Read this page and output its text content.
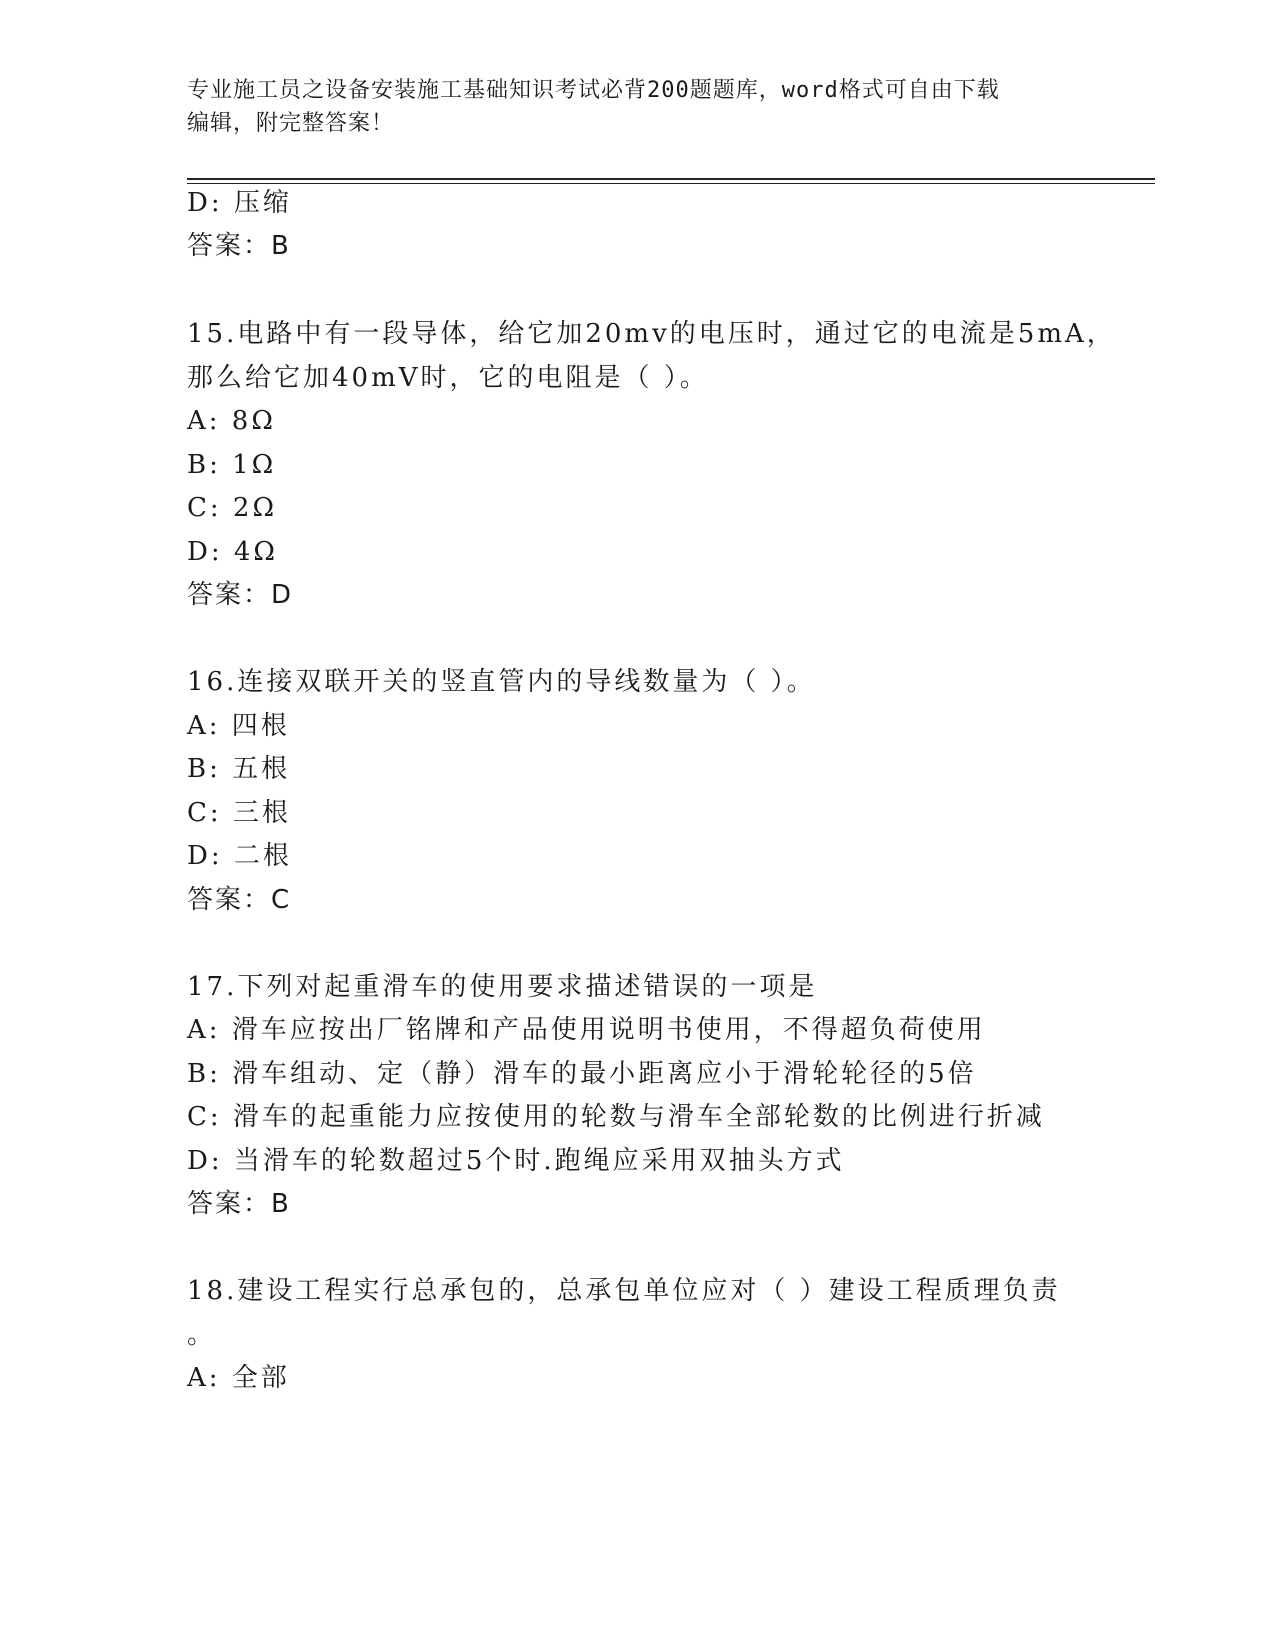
专业施工员之设备安装施工基础知识考试必背200题题库，word格式可自由下载
编辑，附完整答案！
D: 压缩
答案：B
15.电路中有一段导体，给它加20mv的电压时，通过它的电流是5mA，
那么给它加40mV时，它的电阻是（ ）。
A: 8Ω
B: 1Ω
C: 2Ω
D: 4Ω
答案：D
16.连接双联开关的竖直管内的导线数量为（ ）。
A: 四根
B: 五根
C: 三根
D: 二根
答案：C
17.下列对起重滑车的使用要求描述错误的一项是
A: 滑车应按出厂铭牌和产品使用说明书使用，不得超负荷使用
B: 滑车组动、定（静）滑车的最小距离应小于滑轮轮径的5倍
C: 滑车的起重能力应按使用的轮数与滑车全部轮数的比例进行折减
D: 当滑车的轮数超过5个时.跑绳应采用双抽头方式
答案：B
18.建设工程实行总承包的，总承包单位应对（ ）建设工程质理负责
。
A: 全部
